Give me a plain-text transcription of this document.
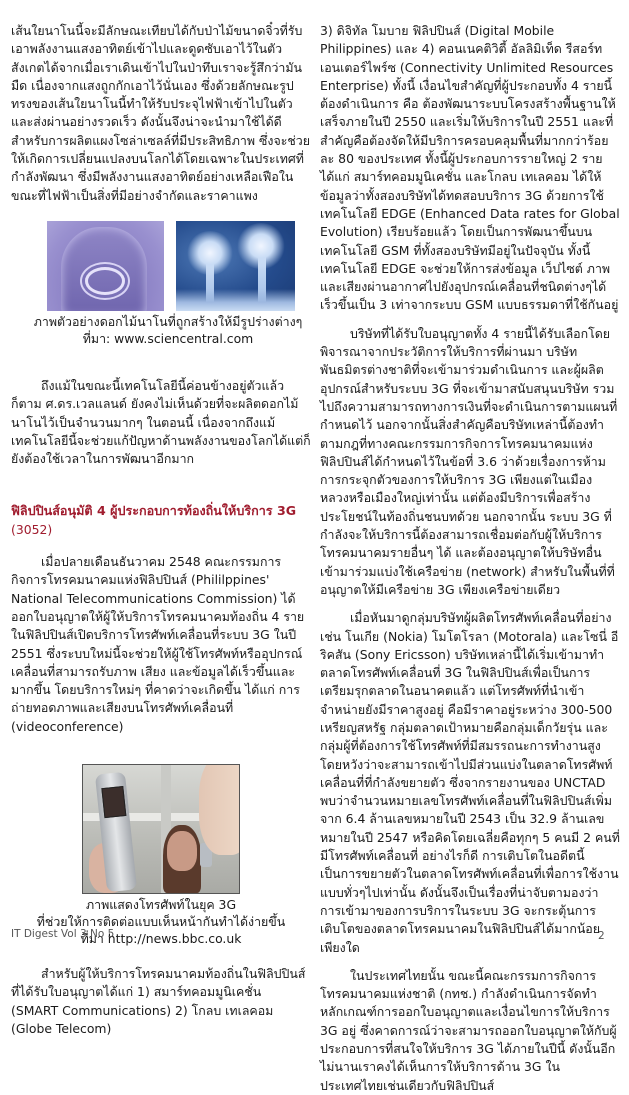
เส้นใยนาโนนี้จะมีลักษณะเทียบได้กับป่าไม้ขนาดจิ๋วที่รับเอาพลังงานแสงอาทิตย์เข้าไปและดูดซับเอาไว้ในตัว สังเกตได้จากเมื่อเราเดินเข้าไปในป่าทึบเราจะรู้สึกว่ามันมืด เนื่องจากแสงถูกกักเอาไว้นั่นเอง ซึ่งด้วยลักษณะรูปทรงของเส้นใยนาโนนี้ทำให้รับประจุไฟฟ้าเข้าไปในตัวและส่งผ่านอย่างรวดเร็ว ดังนั้นจึงน่าจะนำมาใช้ได้ดีสำหรับการผลิตแผงโซล่าเซลล์ที่มีประสิทธิภาพ ซึ่งจะช่วยให้เกิดการเปลี่ยนแปลงบนโลกได้โดยเฉพาะในประเทศที่กำลังพัฒนา ซึ่งมีพลังงานแสงอาทิตย์อย่างเหลือเฟือในขณะที่ไฟฟ้าเป็นสิ่งที่มีอย่างจำกัดและราคาแพง

ภาพตัวอย่างดอกไม้นาโนที่ถูกสร้างให้มีรูปร่างต่างๆ
ที่มา: www.sciencentral.com

ถึงแม้ในขณะนี้เทคโนโลยีนี้ค่อนข้างอยู่ตัวแล้วก็ตาม ศ.ดร.เวลแลนด์ ยังคงไม่เห็นด้วยที่จะผลิตดอกไม้นาโนไว้เป็นจำนวนมากๆ ในตอนนี้ เนื่องจากถึงแม้เทคโนโลยีนี้จะช่วยแก้ปัญหาด้านพลังงานของโลกได้แต่ก็ยังต้องใช้เวลาในการพัฒนาอีกมาก

ฟิลิปปินส์อนุมัติ 4 ผู้ประกอบการท้องถิ่นให้บริการ 3G
(3052)

เมื่อปลายเดือนธันวาคม 2548 คณะกรรมการกิจการโทรคมนาคมแห่งฟิลิปปินส์ (Phililppines' National Telecommunications Commission) ได้ออกใบอนุญาตให้ผู้ให้บริการโทรคมนาคมท้องถิ่น 4 รายในฟิลิปปินส์เปิดบริการโทรศัพท์เคลื่อนที่ระบบ 3G ในปี 2551 ซึ่งระบบใหม่นี้จะช่วยให้ผู้ใช้โทรศัพท์หรืออุปกรณ์เคลื่อนที่สามารถรับภาพ เสียง และข้อมูลได้เร็วขึ้นและมากขึ้น โดยบริการใหม่ๆ ที่คาดว่าจะเกิดขึ้น ได้แก่ การถ่ายทอดภาพและเสียงบนโทรศัพท์เคลื่อนที่ (videoconference)

ภาพแสดงโทรศัพท์ในยุค 3G
ที่ช่วยให้การติดต่อแบบเห็นหน้ากันทำได้ง่ายขึ้น
ที่มา http://news.bbc.co.uk

สำหรับผู้ให้บริการโทรคมนาคมท้องถิ่นในฟิลิปปินส์ ที่ได้รับใบอนุญาตได้แก่ 1) สมาร์ทคอมมูนิเคชั่น (SMART Communications) 2) โกลบ เทเลคอม (Globe Telecom)

3) ดิจิทัล โมบาย ฟิลิปปินส์ (Digital Mobile Philippines) และ 4) คอนเนคติวิตี้ อัลลิมิเท็ด รีสอร์ท เอนเตอร์ไพร์ซ (Connectivity Unlimited Resources Enterprise) ทั้งนี้ เงื่อนไขสำคัญที่ผู้ประกอบทั้ง 4 รายนี้ต้องดำเนินการ คือ ต้องพัฒนาระบบโครงสร้างพื้นฐานให้เสร็จภายในปี 2550 และเริ่มให้บริการในปี 2551 และที่สำคัญคือต้องจัดให้มีบริการครอบคลุมพื้นที่มากกว่าร้อยละ 80 ของประเทศ ทั้งนี้ผู้ประกอบการรายใหญ่ 2 ราย ได้แก่ สมาร์ทคอมมูนิเคชั่น และโกลบ เทเลคอม ได้ให้ข้อมูลว่าทั้งสองบริษัทได้ทดสอบบริการ 3G ด้วยการใช้เทคโนโลยี EDGE (Enhanced Data rates for Global Evolution) เรียบร้อยแล้ว โดยเป็นการพัฒนาขึ้นบนเทคโนโลยี GSM ที่ทั้งสองบริษัทมีอยู่ในปัจจุบัน ทั้งนี้ เทคโนโลยี EDGE จะช่วยให้การส่งข้อมูล เว็ปไซต์ ภาพ และเสียงผ่านอากาศไปยังอุปกรณ์เคลื่อนที่ชนิดต่างๆได้เร็วขึ้นเป็น 3 เท่าจากระบบ GSM แบบธรรมดาที่ใช้กันอยู่

บริษัทที่ได้รับใบอนุญาตทั้ง 4 รายนี้ได้รับเลือกโดยพิจารณาจากประวัติการให้บริการที่ผ่านมา บริษัทพันธมิตรต่างชาติที่จะเข้ามาร่วมดำเนินการ และผู้ผลิตอุปกรณ์สำหรับระบบ 3G ที่จะเข้ามาสนับสนุนบริษัท รวมไปถึงความสามารถทางการเงินที่จะดำเนินการตามแผนที่กำหนดไว้ นอกจากนั้นสิ่งสำคัญคือบริษัทเหล่านี้ต้องทำตามกฎที่ทางคณะกรรมการกิจการโทรคมนาคมแห่งฟิลิปปินส์ได้กำหนดไว้ในข้อที่ 3.6 ว่าด้วยเรื่องการห้ามการกระจุกตัวของการให้บริการ 3G เพียงแต่ในเมืองหลวงหรือเมืองใหญ่เท่านั้น แต่ต้องมีบริการเพื่อสร้างประโยชน์ในท้องถิ่นชนบทด้วย นอกจากนั้น ระบบ 3G ที่กำลังจะให้บริการนี้ต้องสามารถเชื่อมต่อกับผู้ให้บริการโทรคมนาคมรายอื่นๆ ได้ และต้องอนุญาตให้บริษัทอื่นเข้ามาร่วมแบ่งใช้เครือข่าย (network) สำหรับในพื้นที่ที่อนุญาตให้มีเครือข่าย 3G เพียงเครือข่ายเดียว

เมื่อหันมาดูกลุ่มบริษัทผู้ผลิตโทรศัพท์เคลื่อนที่อย่างเช่น โนเกีย (Nokia) โมโตโรลา (Motorala) และโซนี่ อีริคสัน (Sony Ericsson) บริษัทเหล่านี้ได้เริ่มเข้ามาทำตลาดโทรศัพท์เคลื่อนที่ 3G ในฟิลิปปินส์เพื่อเป็นการเตรียมรุกตลาดในอนาคตแล้ว แต่โทรศัพท์ที่นำเข้าจำหน่ายยังมีราคาสูงอยู่ คือมีราคาอยู่ระหว่าง 300-500 เหรียญสหรัฐ กลุ่มตลาดเป้าหมายคือกลุ่มเด็กวัยรุ่น และกลุ่มผู้ที่ต้องการใช้โทรศัพท์ที่มีสมรรถนะการทำงานสูง โดยหวังว่าจะสามารถเข้าไปมีส่วนแบ่งในตลาดโทรศัพท์เคลื่อนที่ที่กำลังขยายตัว ซึ่งจากรายงานของ UNCTAD พบว่าจำนวนหมายเลขโทรศัพท์เคลื่อนที่ในฟิลิปปินส์เพิ่มจาก 6.4 ล้านเลขหมายในปี 2543 เป็น 32.9 ล้านเลขหมายในปี 2547 หรือคิดโดยเฉลี่ยคือทุกๆ 5 คนมี 2 คนที่มีโทรศัพท์เคลื่อนที่ อย่างไรก็ดี การเติบโตในอดีตนี้เป็นการขยายตัวในตลาดโทรศัพท์เคลื่อนที่เพื่อการใช้งานแบบทั่วๆไปเท่านั้น ดังนั้นจึงเป็นเรื่องที่น่าจับตามองว่า การเข้ามาของการบริการในระบบ 3G จะกระตุ้นการเติบโตของตลาดโทรคมนาคมในฟิลิปปินส์ได้มากน้อยเพียงใด

ในประเทศไทยนั้น ขณะนี้คณะกรรมการกิจการโทรคมนาคมแห่งชาติ (กทช.) กำลังดำเนินการจัดทำหลักเกณฑ์การออกใบอนุญาตและเงื่อนไขการให้บริการ 3G อยู่ ซึ่งคาดการณ์ว่าจะสามารถออกใบอนุญาตให้กับผู้ประกอบการที่สนใจให้บริการ 3G ได้ภายในปีนี้ ดังนั้นอีกไม่นานเราคงได้เห็นการให้บริการด้าน 3G ในประเทศไทยเช่นเดียวกับฟิลิปปินส์

IT Digest Vol 3 No 5	2
